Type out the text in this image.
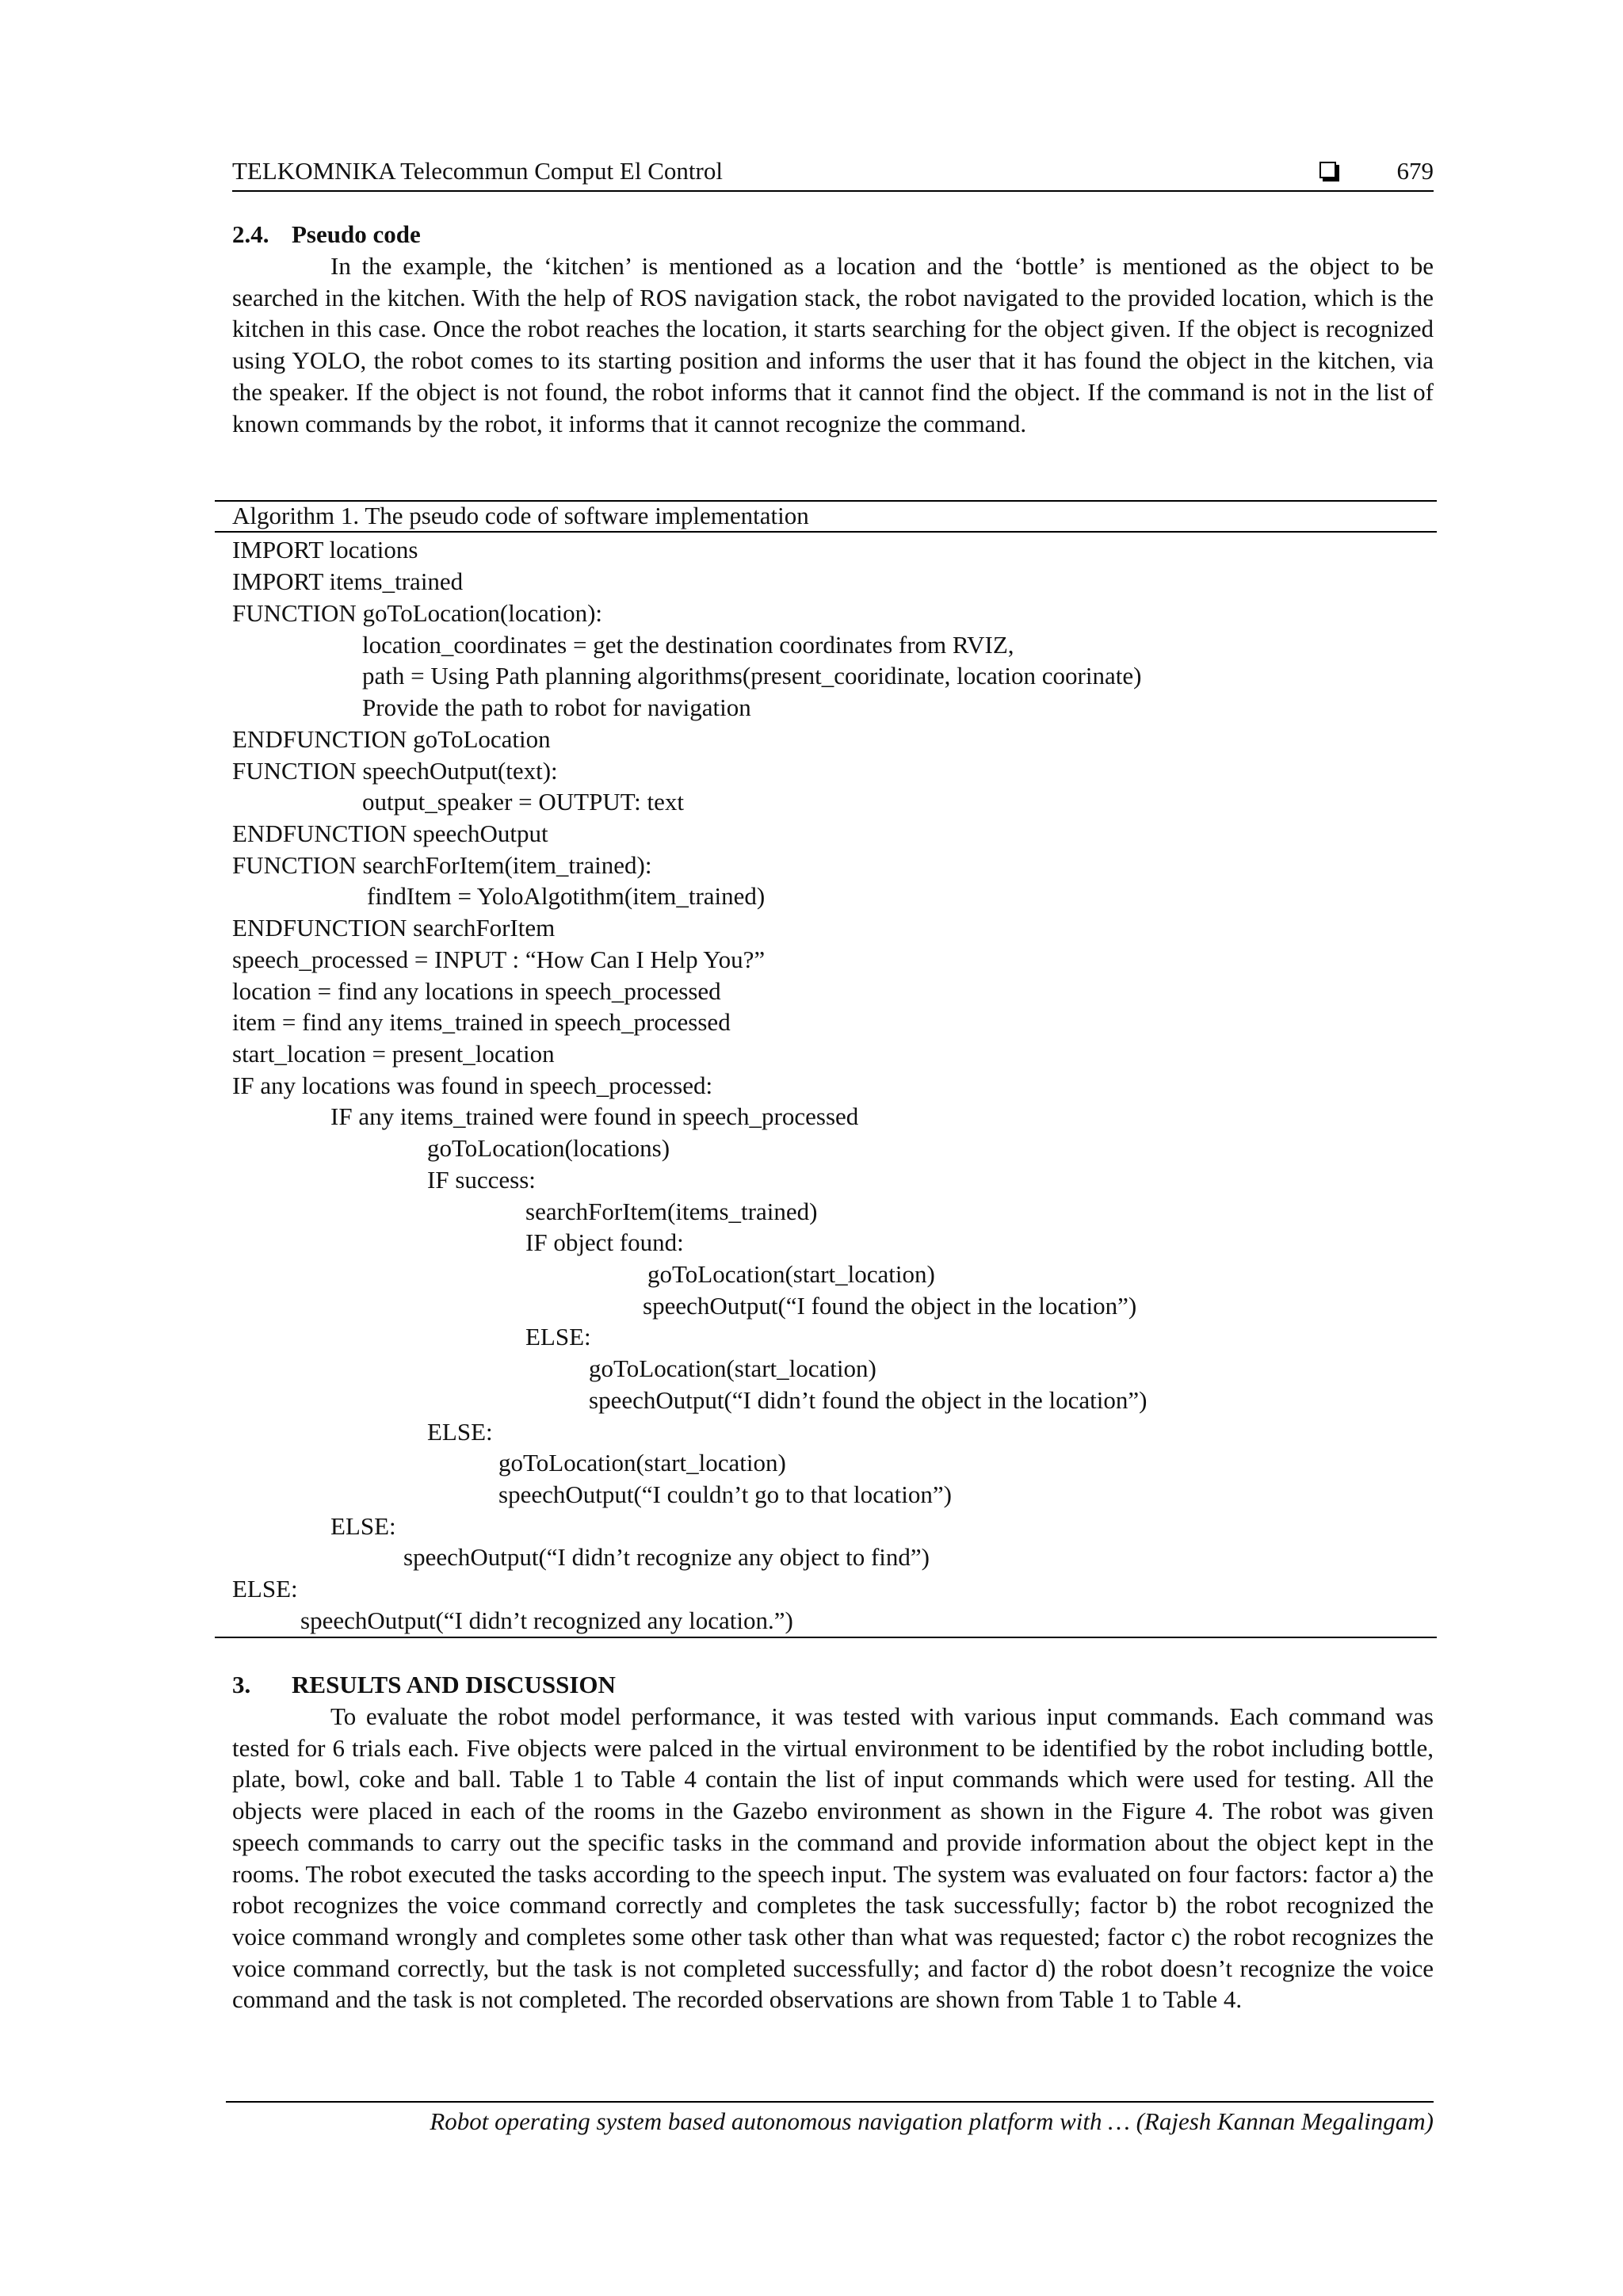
TELKOMNIKA Telecommun Comput El Control	679

2.4. Pseudo code

In the example, the ‘kitchen’ is mentioned as a location and the ‘bottle’ is mentioned as the object to be searched in the kitchen. With the help of ROS navigation stack, the robot navigated to the provided location, which is the kitchen in this case. Once the robot reaches the location, it starts searching for the object given. If the object is recognized using YOLO, the robot comes to its starting position and informs the user that it has found the object in the kitchen, via the speaker. If the object is not found, the robot informs that it cannot find the object. If the command is not in the list of known commands by the robot, it informs that it cannot recognize the command.

Algorithm 1. The pseudo code of software implementation
IMPORT locations
IMPORT items_trained
FUNCTION goToLocation(location):
location_coordinates = get the destination coordinates from RVIZ,
path = Using Path planning algorithms(present_cooridinate, location coorinate)
Provide the path to robot for navigation
ENDFUNCTION goToLocation
FUNCTION speechOutput(text):
output_speaker = OUTPUT: text
ENDFUNCTION speechOutput
FUNCTION searchForItem(item_trained):
findItem = YoloAlgotithm(item_trained)
ENDFUNCTION searchForItem
speech_processed = INPUT : “How Can I Help You?”
location = find any locations in speech_processed
item = find any items_trained in speech_processed
start_location = present_location
IF any locations was found in speech_processed:
IF any items_trained were found in speech_processed
goToLocation(locations)
IF success:
searchForItem(items_trained)
IF object found:
goToLocation(start_location)
speechOutput(“I found the object in the location”)
ELSE:
goToLocation(start_location)
speechOutput(“I didn’t found the object in the location”)
ELSE:
goToLocation(start_location)
speechOutput(“I couldn’t go to that location”)
ELSE:
speechOutput(“I didn’t recognize any object to find”)
ELSE:
speechOutput(“I didn’t recognized any location.”)

3. RESULTS AND DISCUSSION

To evaluate the robot model performance, it was tested with various input commands. Each command was tested for 6 trials each. Five objects were palced in the virtual environment to be identified by the robot including bottle, plate, bowl, coke and ball. Table 1 to Table 4 contain the list of input commands which were used for testing. All the objects were placed in each of the rooms in the Gazebo environment as shown in the Figure 4. The robot was given speech commands to carry out the specific tasks in the command and provide information about the object kept in the rooms. The robot executed the tasks according to the speech input. The system was evaluated on four factors: factor a) the robot recognizes the voice command correctly and completes the task successfully; factor b) the robot recognized the voice command wrongly and completes some other task other than what was requested; factor c) the robot recognizes the voice command correctly, but the task is not completed successfully; and factor d) the robot doesn’t recognize the voice command and the task is not completed. The recorded observations are shown from Table 1 to Table 4.

Robot operating system based autonomous navigation platform with … (Rajesh Kannan Megalingam)
